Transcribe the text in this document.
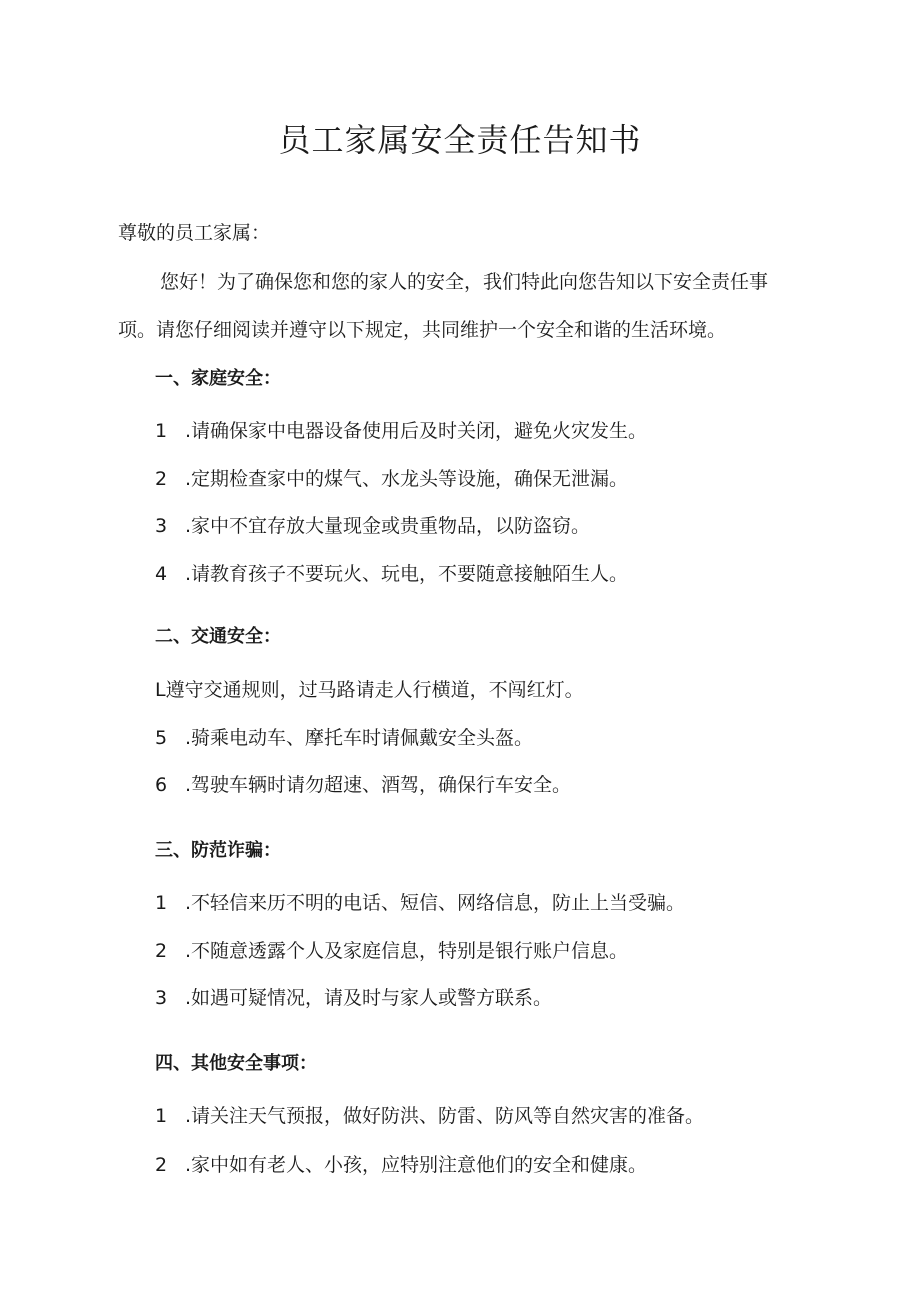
员工家属安全责任告知书

尊敬的员工家属：

您好！为了确保您和您的家人的安全，我们特此向您告知以下安全责任事

项。请您仔细阅读并遵守以下规定，共同维护一个安全和谐的生活环境。

一、家庭安全：

1 .请确保家中电器设备使用后及时关闭，避免火灾发生。

2 .定期检查家中的煤气、水龙头等设施，确保无泄漏。

3 .家中不宜存放大量现金或贵重物品，以防盗窃。

4 .请教育孩子不要玩火、玩电，不要随意接触陌生人。

二、交通安全：

L遵守交通规则，过马路请走人行横道，不闯红灯。

5 .骑乘电动车、摩托车时请佩戴安全头盔。

6 .驾驶车辆时请勿超速、酒驾，确保行车安全。

三、防范诈骗：

1 .不轻信来历不明的电话、短信、网络信息，防止上当受骗。

2 .不随意透露个人及家庭信息，特别是银行账户信息。

3 .如遇可疑情况，请及时与家人或警方联系。

四、其他安全事项：

1 .请关注天气预报，做好防洪、防雷、防风等自然灾害的准备。

2 .家中如有老人、小孩，应特别注意他们的安全和健康。
